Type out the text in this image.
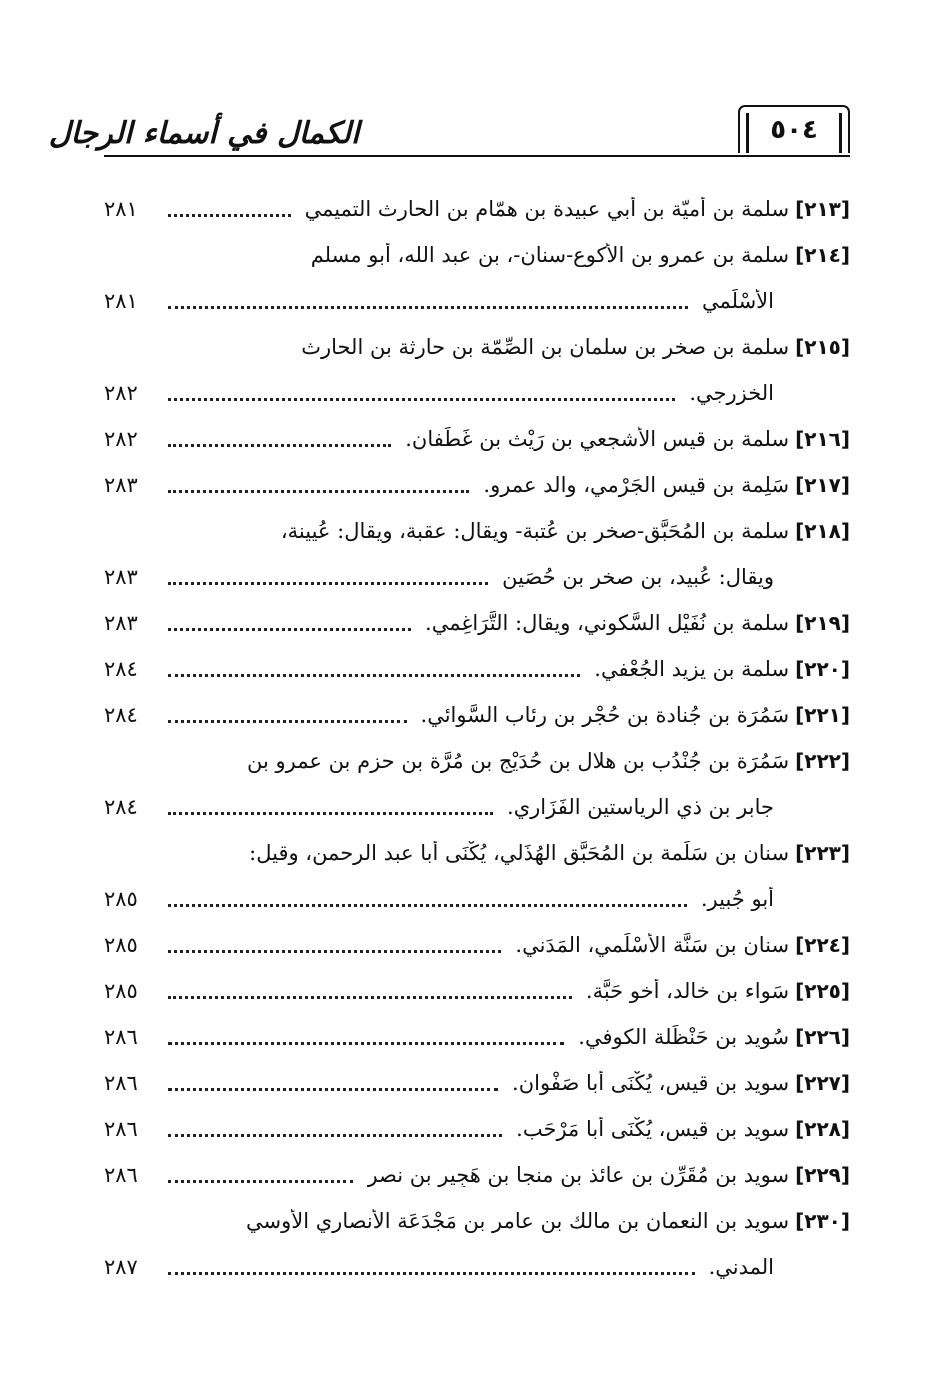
٥٠٤
الكمال في أسماء الرجال
[٢١٣]
سلمة بن أُميّة بن أبي عبيدة بن همّام بن الحارث التميمي
٢٨١
[٢١٤]
سلمة بن عمرو بن الأكوع-سنان-، بن عبد الله، أبو مسلم
الأَسْلَمي
٢٨١
[٢١٥]
سلمة بن صخر بن سلمان بن الصِّمّة بن حارثة بن الحارث
الخزرجي.
٢٨٢
[٢١٦]
سلمة بن قيس الأشجعي بن رَيْث بن غَطَفان.
٢٨٢
[٢١٧]
سَلِمة بن قيس الجَرْمي، والد عمرو.
٢٨٣
[٢١٨]
سلمة بن المُحَبَّق-صخر بن عُتبة- ويقال: عقبة، ويقال: عُيينة،
ويقال: عُبيد، بن صخر بن حُصَين
٢٨٣
[٢١٩]
سلمة بن نُفَيْل السَّكوني، ويقال: التَّرَاغِمي.
٢٨٣
[٢٢٠]
سلمة بن يزيد الجُعْفي.
٢٨٤
[٢٢١]
سَمُرَة بن جُنادة بن حُجْر بن رِئاب السَّوائي.
٢٨٤
[٢٢٢]
سَمُرَة بن جُنْدُب بن هلال بن حُدَيْج بن مُرَّة بن حزم بن عمرو بن
جابر بن ذي الرياستين الفَزَاري.
٢٨٤
[٢٢٣]
سنان بن سَلَمة بن المُحَبَّق الهُذَلي، يُكْنَى أبا عبد الرحمن، وقيل:
أبو جُبير.
٢٨٥
[٢٢٤]
سنان بن سَنَّة الأَسْلَمي، المَدَني.
٢٨٥
[٢٢٥]
سَواء بن خالد، أخو حَبَّة.
٢٨٥
[٢٢٦]
سُويد بن حَنْظَلة الكوفي.
٢٨٦
[٢٢٧]
سويد بن قيس، يُكْنَى أبا صَفْوان.
٢٨٦
[٢٢٨]
سويد بن قيس، يُكْنَى أبا مَرْحَب.
٢٨٦
[٢٢٩]
سويد بن مُقَرِّن بن عائذ بن منجا بن هَجِير بن نصر
٢٨٦
[٢٣٠]
سويد بن النعمان بن مالك بن عامر بن مَجْدَعَة الأنصاري الأوسي
المدني.
٢٨٧
